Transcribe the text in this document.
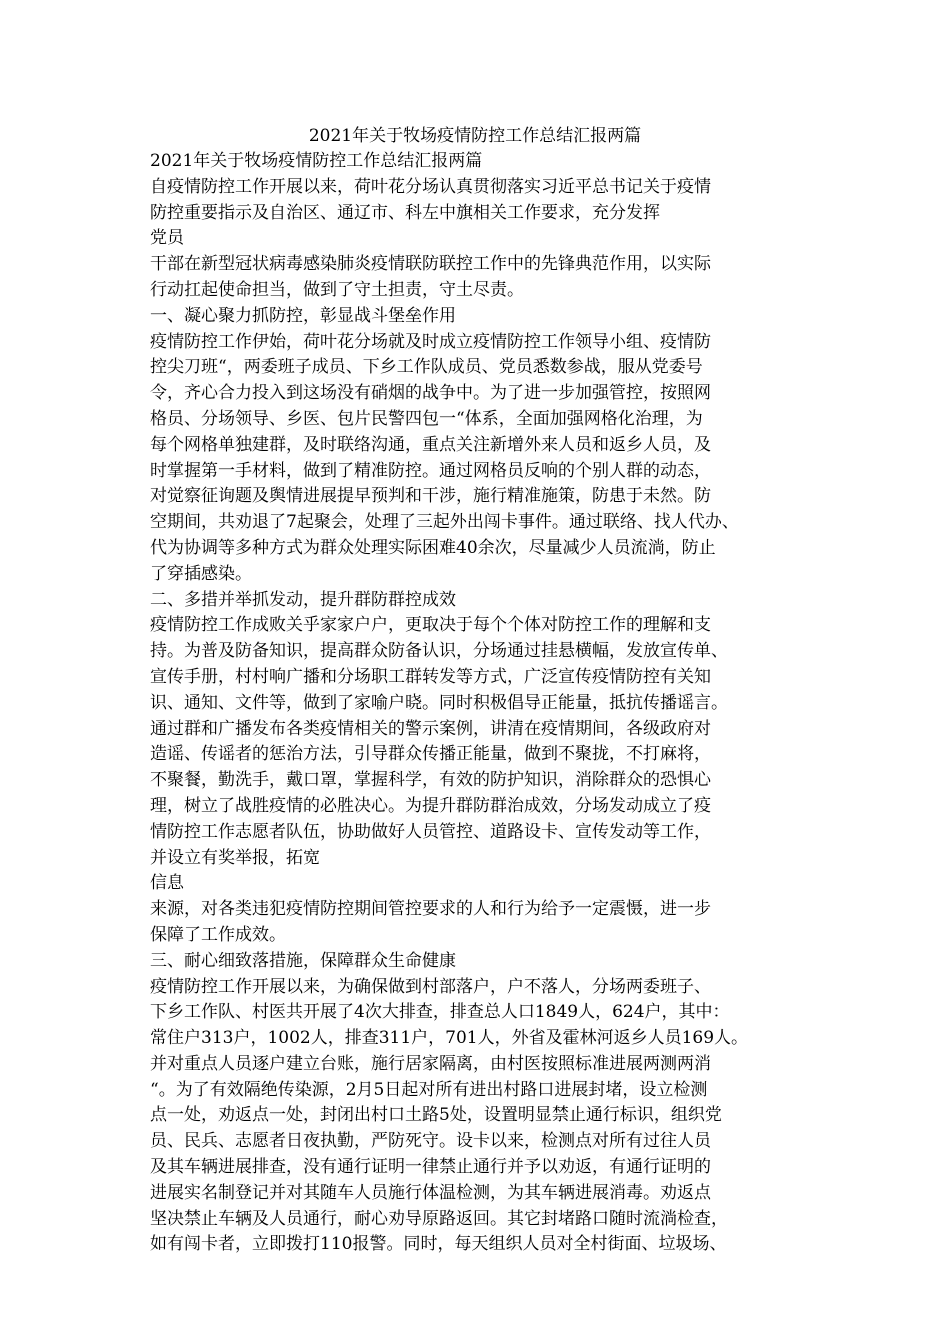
2021年关于牧场疫情防控工作总结汇报两篇
2021年关于牧场疫情防控工作总结汇报两篇
自疫情防控工作开展以来，荷叶花分场认真贯彻落实习近平总书记关于疫情
防控重要指示及自治区、通辽市、科左中旗相关工作要求，充分发挥
党员
干部在新型冠状病毒感染肺炎疫情联防联控工作中的先锋典范作用，以实际
行动扛起使命担当，做到了守土担责，守土尽责。
一、凝心聚力抓防控，彰显战斗堡垒作用
疫情防控工作伊始，荷叶花分场就及时成立疫情防控工作领导小组、疫情防
控尖刀班“，两委班子成员、下乡工作队成员、党员悉数参战，服从党委号
令，齐心合力投入到这场没有硝烟的战争中。为了进一步加强管控，按照网
格员、分场领导、乡医、包片民警四包一“体系，全面加强网格化治理，为
每个网格单独建群，及时联络沟通，重点关注新增外来人员和返乡人员，及
时掌握第一手材料，做到了精准防控。通过网格员反响的个别人群的动态，
对觉察征询题及舆情进展提早预判和干涉，施行精准施策，防患于未然。防
空期间，共劝退了7起聚会，处理了三起外出闯卡事件。通过联络、找人代办、
代为协调等多种方式为群众处理实际困难40余次，尽量减少人员流淌，防止
了穿插感染。
二、多措并举抓发动，提升群防群控成效
疫情防控工作成败关乎家家户户，更取决于每个个体对防控工作的理解和支
持。为普及防备知识，提高群众防备认识，分场通过挂悬横幅，发放宣传单、
宣传手册，村村响广播和分场职工群转发等方式，广泛宣传疫情防控有关知
识、通知、文件等，做到了家喻户晓。同时积极倡导正能量，抵抗传播谣言。
通过群和广播发布各类疫情相关的警示案例，讲清在疫情期间，各级政府对
造谣、传谣者的惩治方法，引导群众传播正能量，做到不聚拢，不打麻将，
不聚餐，勤洗手，戴口罩，掌握科学，有效的防护知识，消除群众的恐惧心
理，树立了战胜疫情的必胜决心。为提升群防群治成效，分场发动成立了疫
情防控工作志愿者队伍，协助做好人员管控、道路设卡、宣传发动等工作，
并设立有奖举报，拓宽
信息
来源，对各类违犯疫情防控期间管控要求的人和行为给予一定震慑，进一步
保障了工作成效。
三、耐心细致落措施，保障群众生命健康
疫情防控工作开展以来，为确保做到村部落户，户不落人，分场两委班子、
下乡工作队、村医共开展了4次大排查，排查总人口1849人，624户，其中：
常住户313户，1002人，排查311户，701人，外省及霍林河返乡人员169人。
并对重点人员逐户建立台账，施行居家隔离，由村医按照标准进展两测两消
“。为了有效隔绝传染源，2月5日起对所有进出村路口进展封堵，设立检测
点一处，劝返点一处，封闭出村口土路5处，设置明显禁止通行标识，组织党
员、民兵、志愿者日夜执勤，严防死守。设卡以来，检测点对所有过往人员
及其车辆进展排查，没有通行证明一律禁止通行并予以劝返，有通行证明的
进展实名制登记并对其随车人员施行体温检测，为其车辆进展消毒。劝返点
坚决禁止车辆及人员通行，耐心劝导原路返回。其它封堵路口随时流淌检查，
如有闯卡者，立即拨打110报警。同时，每天组织人员对全村街面、垃圾场、
